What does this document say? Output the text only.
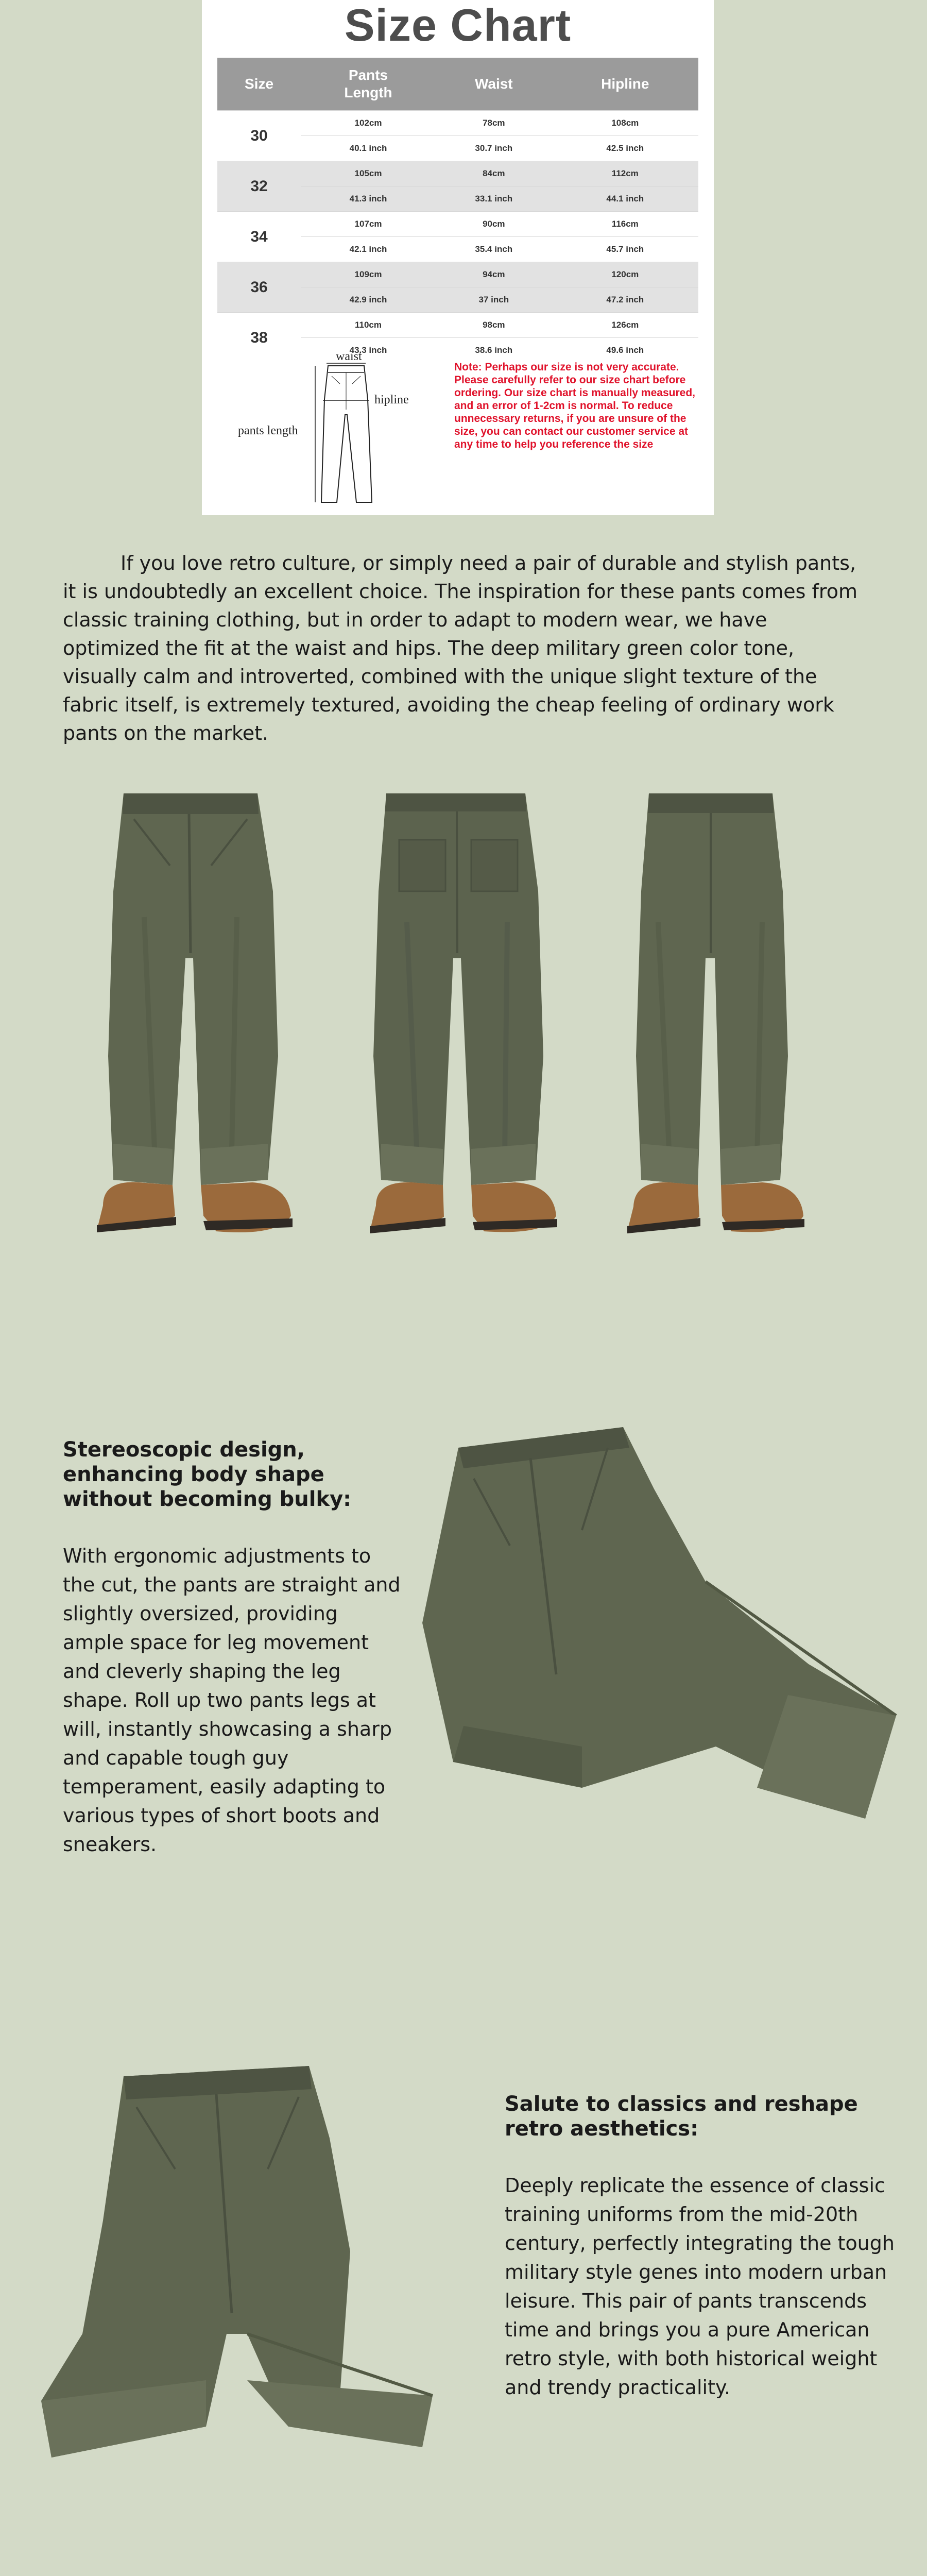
Size Chart
Size	Pants Length	Waist	Hipline
30	102cm	78cm	108cm
	40.1 inch	30.7 inch	42.5 inch
32	105cm	84cm	112cm
	41.3 inch	33.1 inch	44.1 inch
34	107cm	90cm	116cm
	42.1 inch	35.4 inch	45.7 inch
36	109cm	94cm	120cm
	42.9 inch	37 inch	47.2 inch
38	110cm	98cm	126cm
	43.3 inch	38.6 inch	49.6 inch
waist
hipline
pants length
Note: Perhaps our size is not very accurate. Please carefully refer to our size chart before ordering. Our size chart is manually measured, and an error of 1-2cm is normal. To reduce unnecessary returns, if you are unsure of the size, you can contact our customer service at any time to help you reference the size
If you love retro culture, or simply need a pair of durable and stylish pants, it is undoubtedly an excellent choice. The inspiration for these pants comes from classic training clothing, but in order to adapt to modern wear, we have optimized the fit at the waist and hips. The deep military green color tone, visually calm and introverted, combined with the unique slight texture of the fabric itself, is extremely textured, avoiding the cheap feeling of ordinary work pants on the market.
Stereoscopic design, enhancing body shape without becoming bulky:
With ergonomic adjustments to the cut, the pants are straight and slightly oversized, providing ample space for leg movement and cleverly shaping the leg shape. Roll up two pants legs at will, instantly showcasing a sharp and capable tough guy temperament, easily adapting to various types of short boots and sneakers.
Salute to classics and reshape retro aesthetics:
Deeply replicate the essence of classic training uniforms from the mid-20th century, perfectly integrating the tough military style genes into modern urban leisure. This pair of pants transcends time and brings you a pure American retro style, with both historical weight and trendy practicality.
